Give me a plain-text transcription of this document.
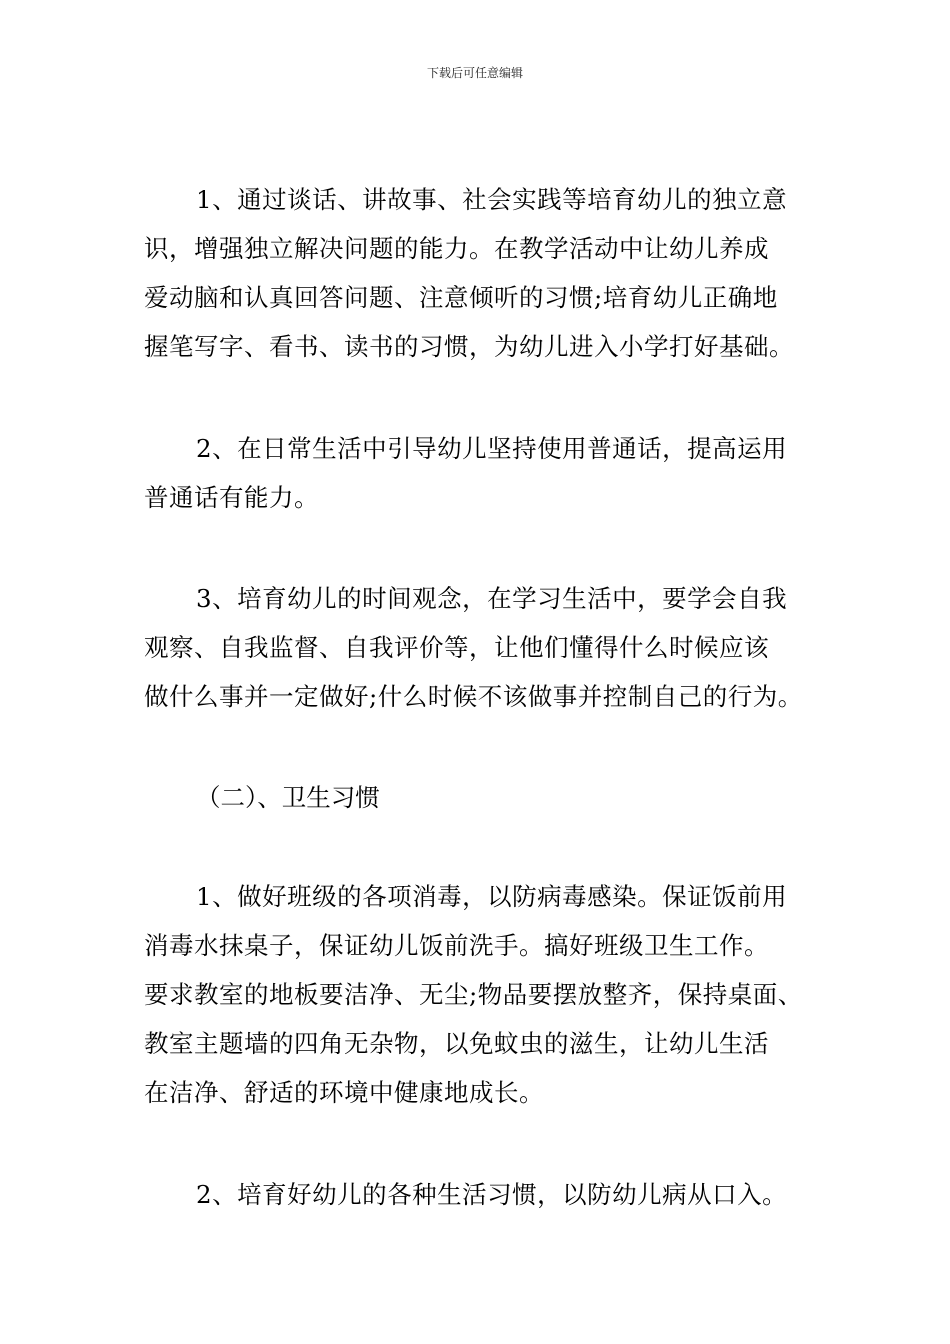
下载后可任意编辑
1、通过谈话、讲故事、社会实践等培育幼儿的独立意
识，增强独立解决问题的能力。在教学活动中让幼儿养成
爱动脑和认真回答问题、注意倾听的习惯;培育幼儿正确地
握笔写字、看书、读书的习惯，为幼儿进入小学打好基础。
2、在日常生活中引导幼儿坚持使用普通话，提高运用
普通话有能力。
3、培育幼儿的时间观念，在学习生活中，要学会自我
观察、自我监督、自我评价等，让他们懂得什么时候应该
做什么事并一定做好;什么时候不该做事并控制自己的行为。
（二）、卫生习惯
1、做好班级的各项消毒，以防病毒感染。保证饭前用
消毒水抹桌子，保证幼儿饭前洗手。搞好班级卫生工作。
要求教室的地板要洁净、无尘;物品要摆放整齐，保持桌面、
教室主题墙的四角无杂物，以免蚊虫的滋生，让幼儿生活
在洁净、舒适的环境中健康地成长。
2、培育好幼儿的各种生活习惯，以防幼儿病从口入。
